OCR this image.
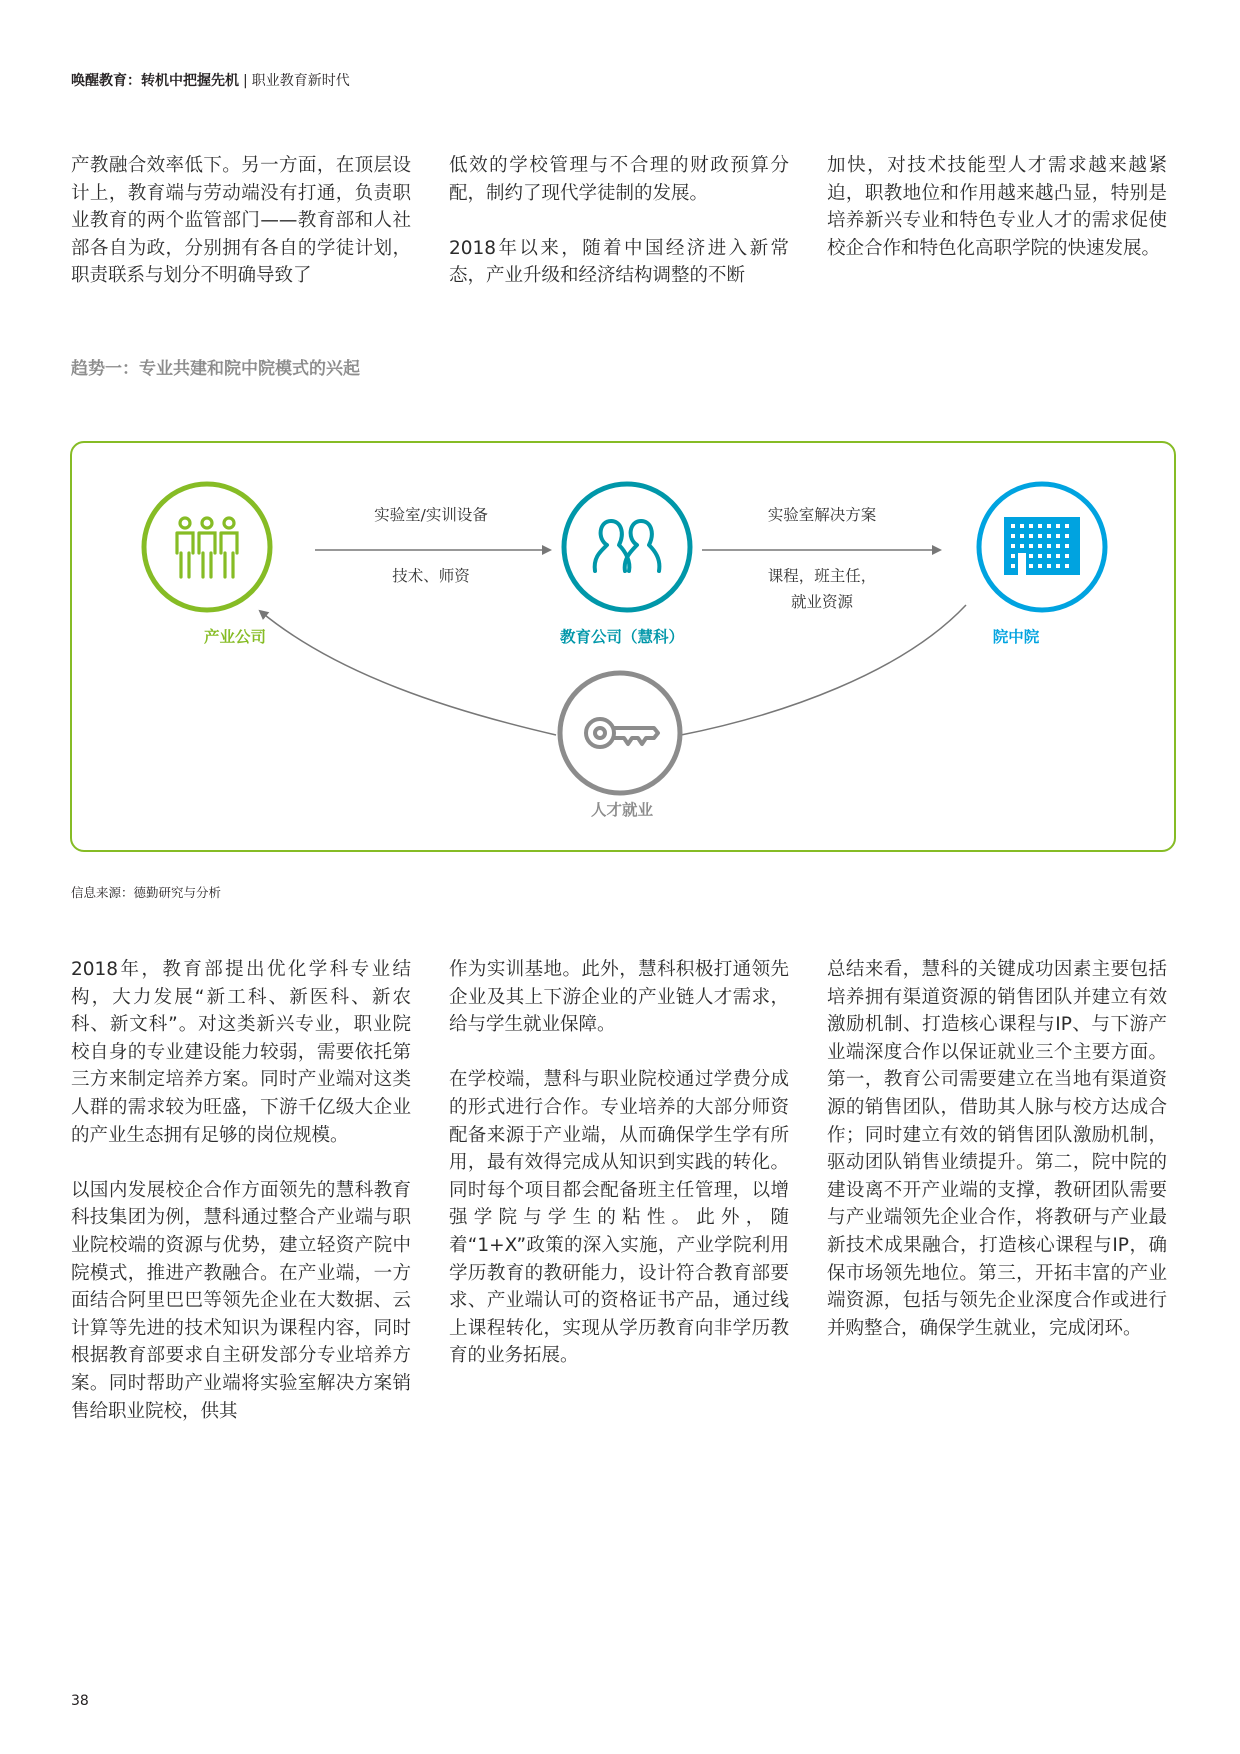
唤醒教育：转机中把握先机 | 职业教育新时代

产教融合效率低下。另一方面，在顶层设计上，教育端与劳动端没有打通，负责职业教育的两个监管部门——教育部和人社部各自为政，分别拥有各自的学徒计划，职责联系与划分不明确导致了

低效的学校管理与不合理的财政预算分配，制约了现代学徒制的发展。

2018年以来，随着中国经济进入新常态，产业升级和经济结构调整的不断

加快，对技术技能型人才需求越来越紧迫，职教地位和作用越来越凸显，特别是培养新兴专业和特色专业人才的需求促使校企合作和特色化高职学院的快速发展。

趋势一：专业共建和院中院模式的兴起
实验室/实训设备
技术、师资
实验室解决方案
课程，班主任，
就业资源
产业公司	教育公司（慧科）	院中院
人才就业
信息来源：德勤研究与分析

2018年，教育部提出优化学科专业结构，大力发展“新工科、新医科、新农科、新文科”。对这类新兴专业，职业院校自身的专业建设能力较弱，需要依托第三方来制定培养方案。同时产业端对这类人群的需求较为旺盛，下游千亿级大企业的产业生态拥有足够的岗位规模。

以国内发展校企合作方面领先的慧科教育科技集团为例，慧科通过整合产业端与职业院校端的资源与优势，建立轻资产院中院模式，推进产教融合。在产业端，一方面结合阿里巴巴等领先企业在大数据、云计算等先进的技术知识为课程内容，同时根据教育部要求自主研发部分专业培养方案。同时帮助产业端将实验室解决方案销售给职业院校，供其

作为实训基地。此外，慧科积极打通领先企业及其上下游企业的产业链人才需求，给与学生就业保障。

在学校端，慧科与职业院校通过学费分成的形式进行合作。专业培养的大部分师资配备来源于产业端，从而确保学生学有所用，最有效得完成从知识到实践的转化。同时每个项目都会配备班主任管理，以增强学院与学生的粘性。此外，随着“1+X”政策的深入实施，产业学院利用学历教育的教研能力，设计符合教育部要求、产业端认可的资格证书产品，通过线上课程转化，实现从学历教育向非学历教育的业务拓展。

总结来看，慧科的关键成功因素主要包括培养拥有渠道资源的销售团队并建立有效激励机制、打造核心课程与IP、与下游产业端深度合作以保证就业三个主要方面。第一，教育公司需要建立在当地有渠道资源的销售团队，借助其人脉与校方达成合作；同时建立有效的销售团队激励机制，驱动团队销售业绩提升。第二，院中院的建设离不开产业端的支撑，教研团队需要与产业端领先企业合作，将教研与产业最新技术成果融合，打造核心课程与IP，确保市场领先地位。第三，开拓丰富的产业端资源，包括与领先企业深度合作或进行并购整合，确保学生就业，完成闭环。

38
